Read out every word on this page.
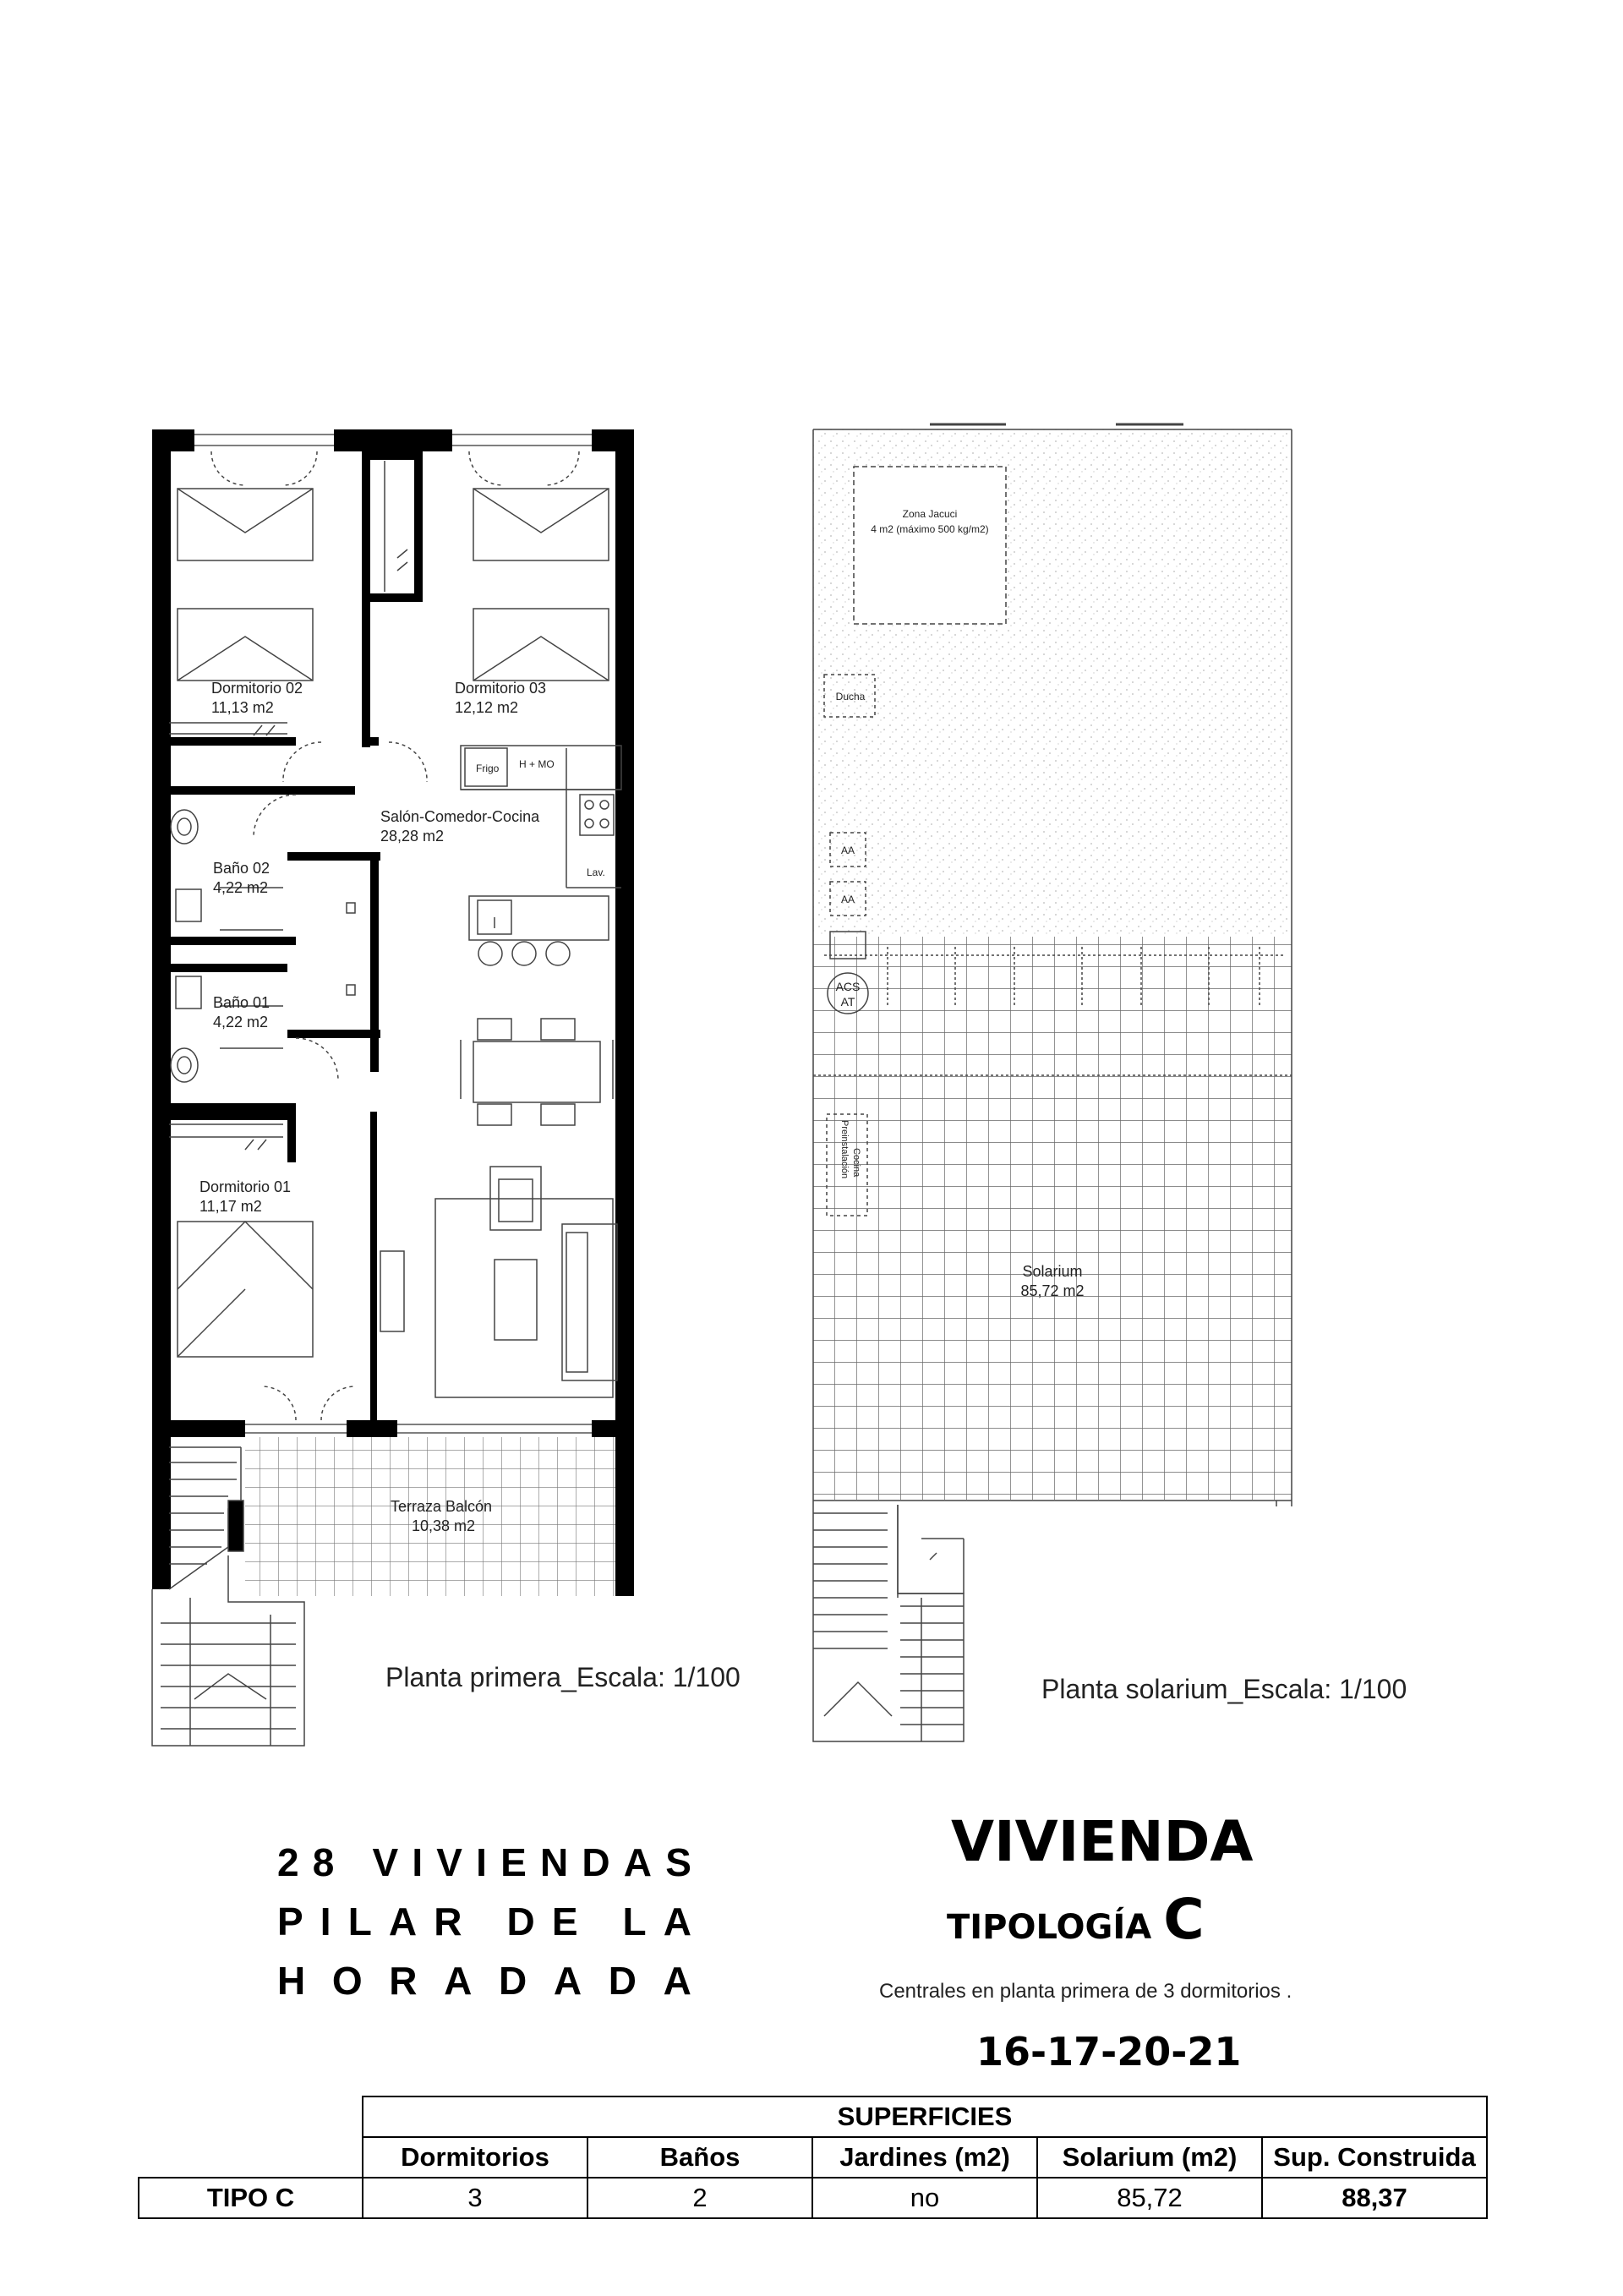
Dormitorio 02
11,13 m2
Dormitorio 03
12,12 m2
Salón-Comedor-Cocina
28,28 m2
Baño 02
4,22 m2
Baño 01
4,22 m2
Dormitorio 01
11,17 m2
Terraza Balcón
10,38 m2
Frigo H + MO
Lav.
Zona Jacuci
4 m2 (máximo 500 kg/m2)
Ducha
AA
AA
ACS
AT
Preinstalación Cocina
Solarium
85,72 m2
Planta primera_Escala: 1/100	Planta solarium_Escala: 1/100
2 8
V I V I E N D A S
P I L A R
D E
L A
H O R A D A D A
VIVIENDA
TIPOLOGÍA C
Centrales en planta primera de 3 dormitorios .
16-17-20-21
	SUPERFICIES				
	Dormitorios	Baños	Jardines (m2)	Solarium (m2)	Sup. Construida
TIPO C	3	2	no	85,72	88,37
